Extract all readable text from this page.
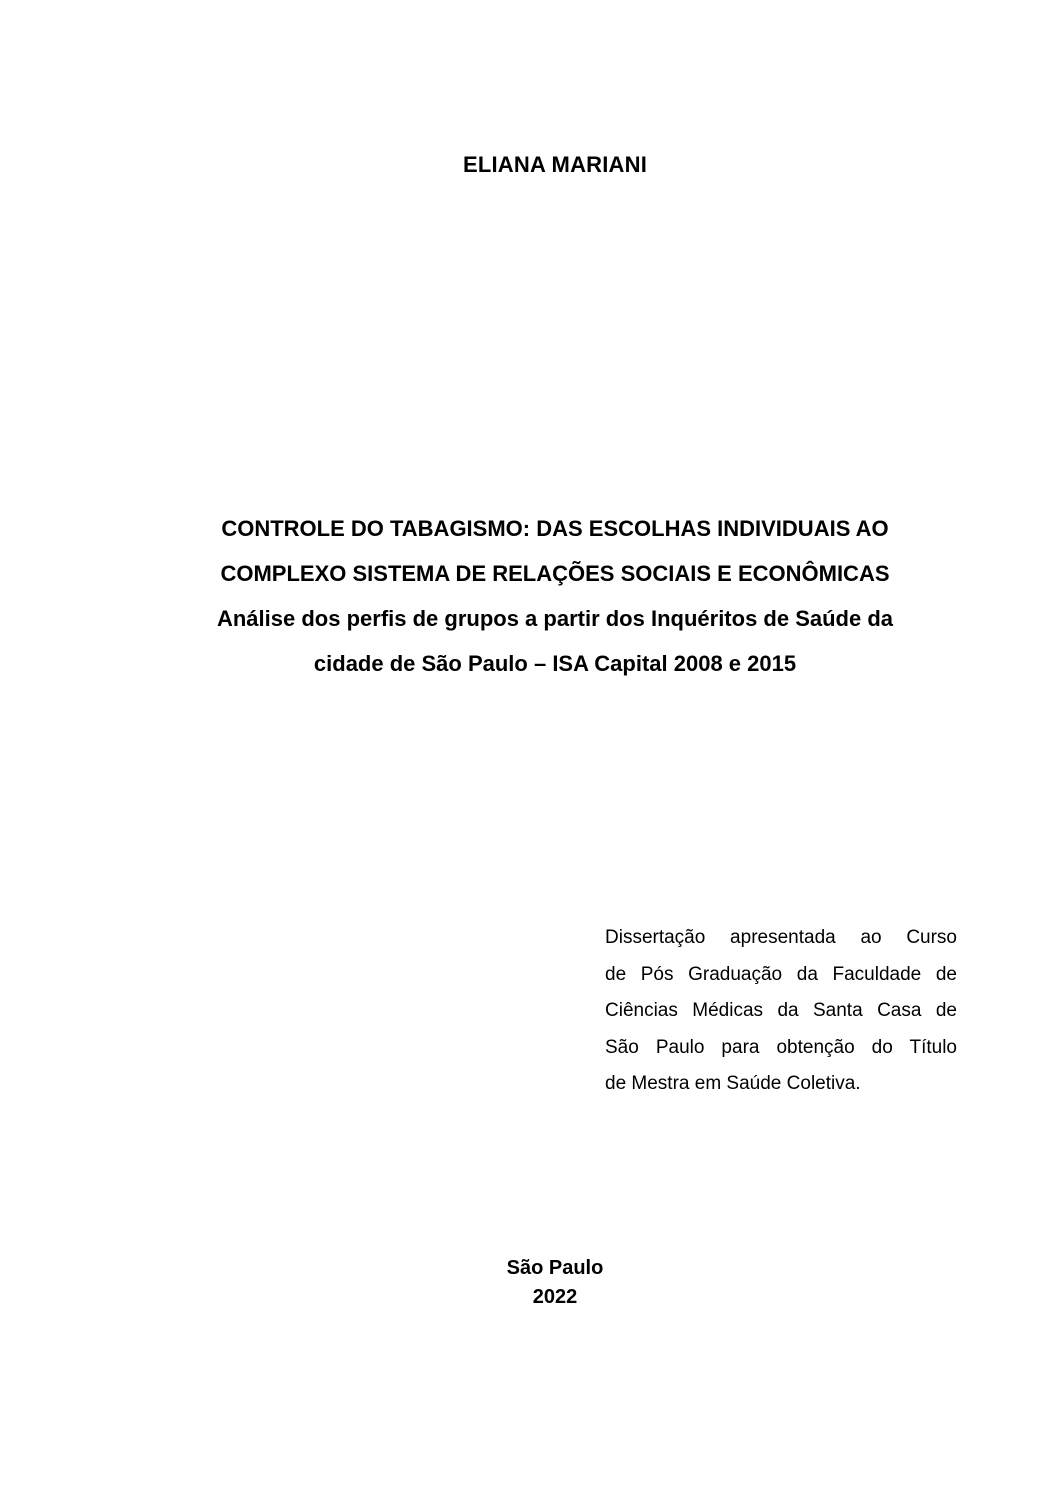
ELIANA MARIANI
CONTROLE DO TABAGISMO: DAS ESCOLHAS INDIVIDUAIS AO
COMPLEXO SISTEMA DE RELAÇÕES SOCIAIS E ECONÔMICAS
Análise dos perfis de grupos a partir dos Inquéritos de Saúde da
cidade de São Paulo – ISA Capital 2008 e 2015
Dissertação apresentada ao Curso
de Pós Graduação da Faculdade de
Ciências Médicas da Santa Casa de
São Paulo para obtenção do Título
de Mestra em Saúde Coletiva.
São Paulo
2022
